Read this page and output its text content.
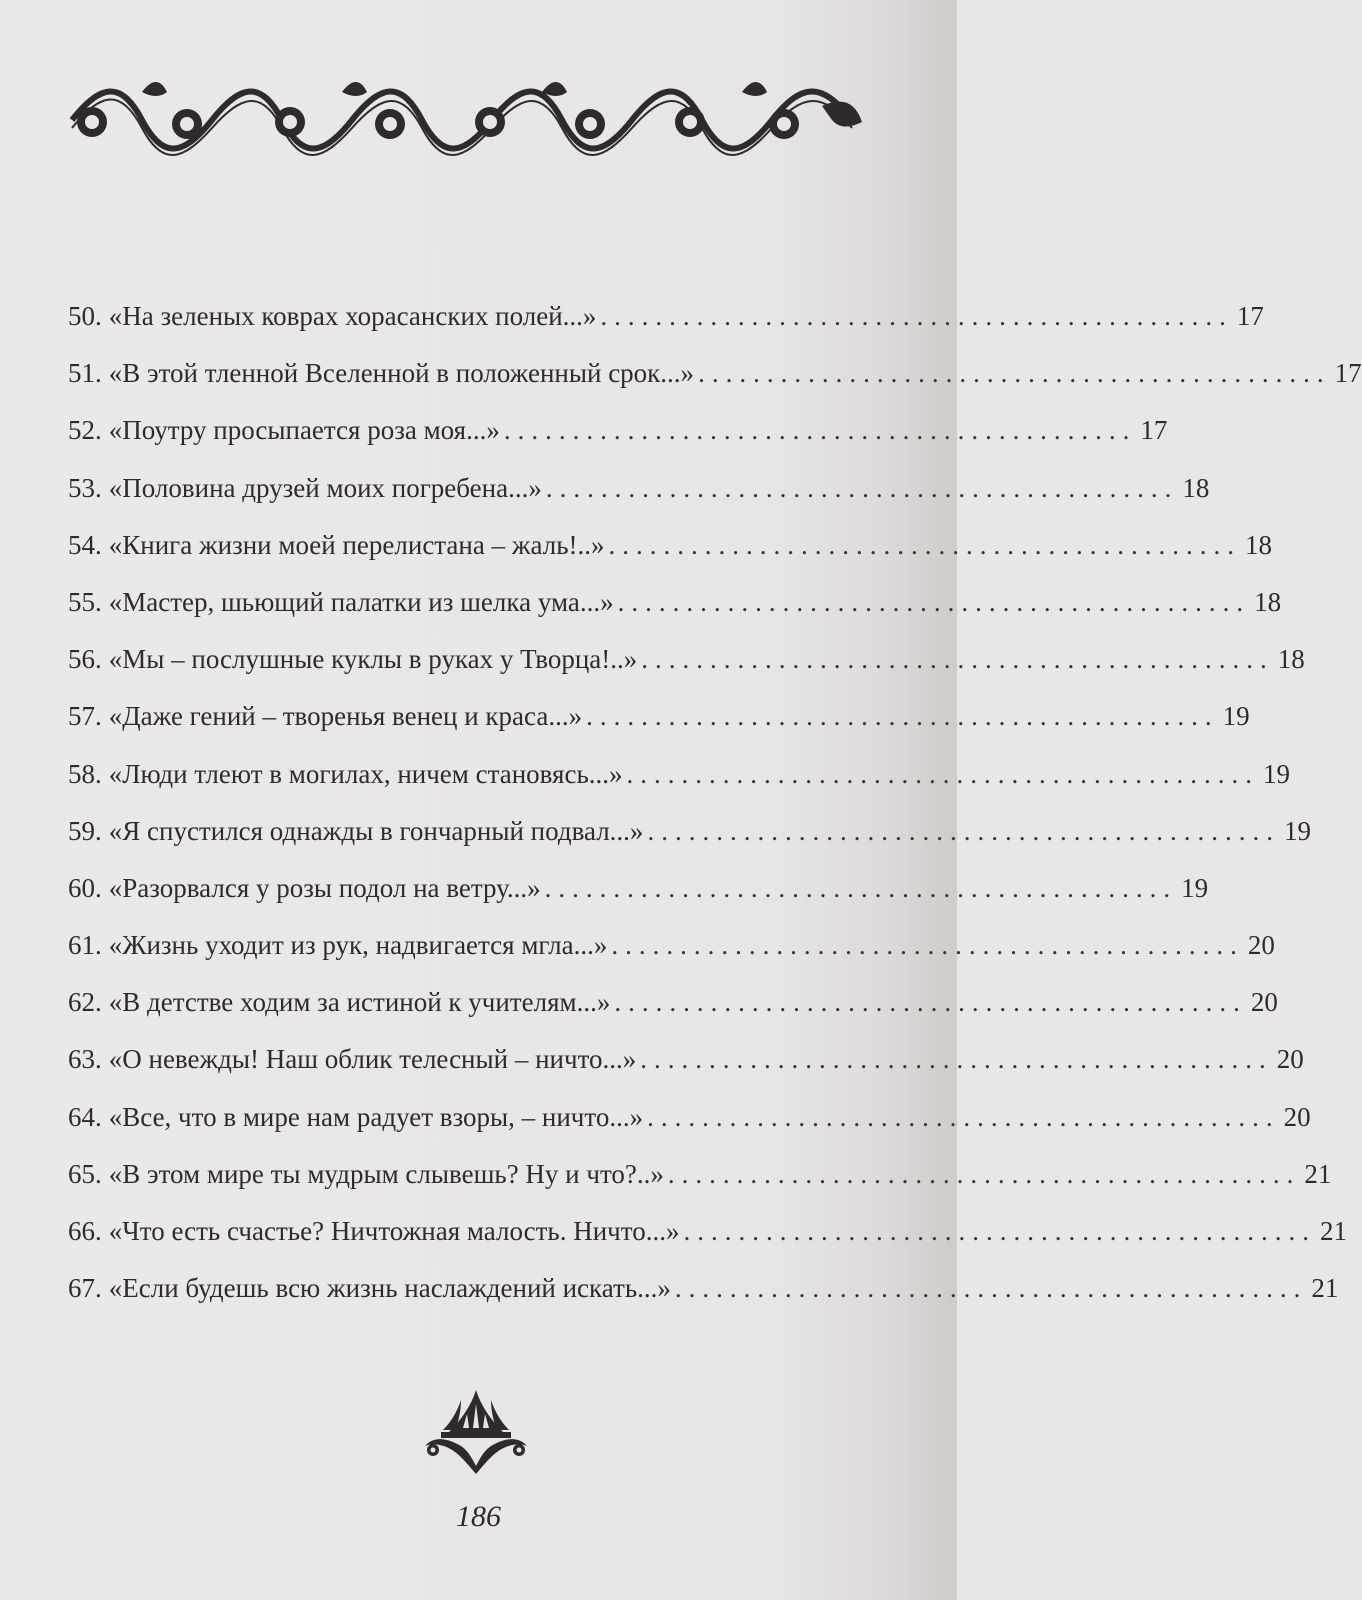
50. «На зеленых коврах хорасанских полей...» .............................................. 17
51. «В этой тленной Вселенной в положенный срок...» .............................................. 17
52. «Поутру просыпается роза моя...» .............................................. 17
53. «Половина друзей моих погребена...» .............................................. 18
54. «Книга жизни моей перелистана – жаль!..» .............................................. 18
55. «Мастер, шьющий палатки из шелка ума...» .............................................. 18
56. «Мы – послушные куклы в руках у Творца!..» .............................................. 18
57. «Даже гений – творенья венец и краса...» .............................................. 19
58. «Люди тлеют в могилах, ничем становясь...» .............................................. 19
59. «Я спустился однажды в гончарный подвал...» .............................................. 19
60. «Разорвался у розы подол на ветру...» .............................................. 19
61. «Жизнь уходит из рук, надвигается мгла...» .............................................. 20
62. «В детстве ходим за истиной к учителям...» .............................................. 20
63. «О невежды! Наш облик телесный – ничто...» .............................................. 20
64. «Все, что в мире нам радует взоры, – ничто...» .............................................. 20
65. «В этом мире ты мудрым слывешь? Ну и что?..» .............................................. 21
66. «Что есть счастье? Ничтожная малость. Ничто...» .............................................. 21
67. «Если будешь всю жизнь наслаждений искать...» .............................................. 21
186
